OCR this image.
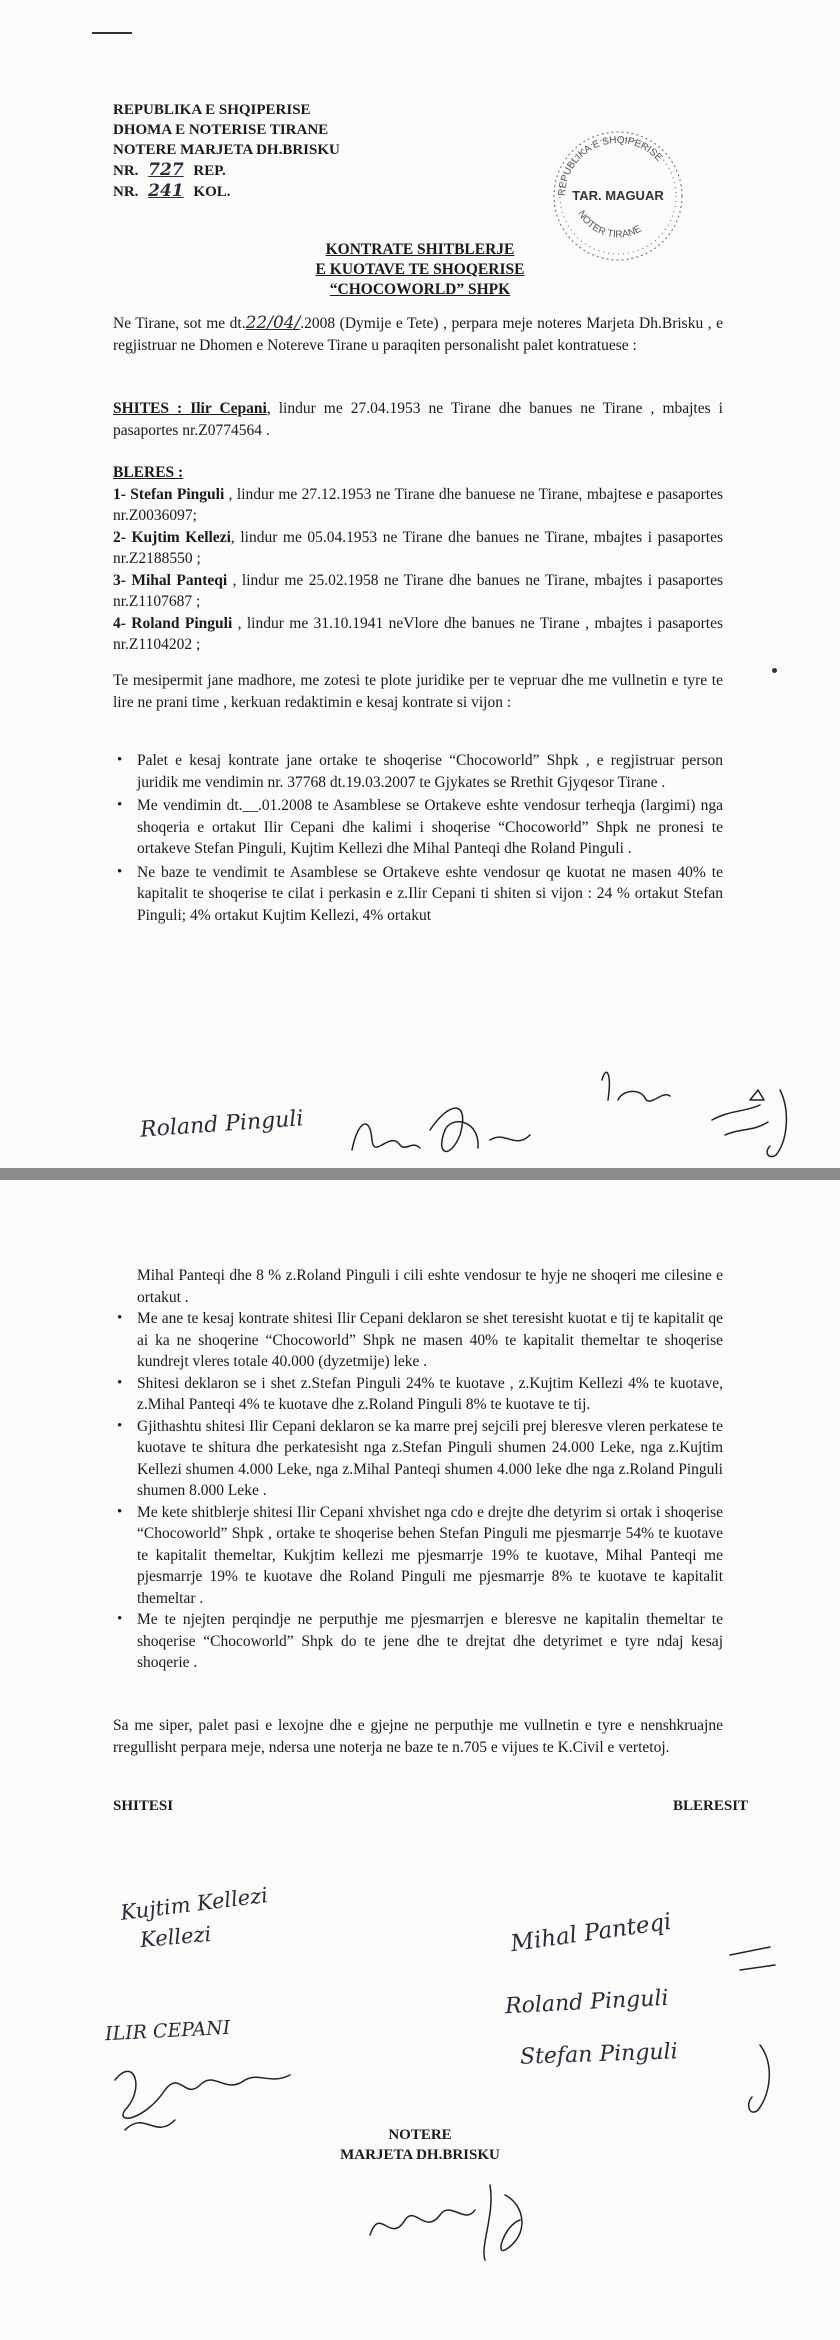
REPUBLIKA E SHQIPERISE
DHOMA E NOTERISE TIRANE
NOTERE MARJETA DH.BRISKU
NR. 727 REP.
NR. 241 KOL.	REPUBLIKA E SHQIPERISE
TAR. MAGUAR
NOTER TIRANE
KONTRATE SHITBLERJE
E KUOTAVE TE SHOQERISE
“CHOCOWORLD” SHPK
Ne Tirane, sot me dt.22/04/.2008 (Dymije e Tete) , perpara meje noteres Marjeta Dh.Brisku , e regjistruar ne Dhomen e Notereve Tirane u paraqiten personalisht palet kontratuese :
SHITES : Ilir Cepani, lindur me 27.04.1953 ne Tirane dhe banues ne Tirane , mbajtes i pasaportes nr.Z0774564 .
BLERES :
1- Stefan Pinguli , lindur me 27.12.1953 ne Tirane dhe banuese ne Tirane, mbajtese e pasaportes nr.Z0036097;
2- Kujtim Kellezi, lindur me 05.04.1953 ne Tirane dhe banues ne Tirane, mbajtes i pasaportes nr.Z2188550 ;
3- Mihal Panteqi , lindur me 25.02.1958 ne Tirane dhe banues ne Tirane, mbajtes i pasaportes nr.Z1107687 ;
4- Roland Pinguli , lindur me 31.10.1941 neVlore dhe banues ne Tirane , mbajtes i pasaportes nr.Z1104202 ;
Te mesipermit jane madhore, me zotesi te plote juridike per te vepruar dhe me vullnetin e tyre te lire ne prani time , kerkuan redaktimin e kesaj kontrate si vijon :
• Palet e kesaj kontrate jane ortake te shoqerise “Chocoworld” Shpk , e regjistruar person juridik me vendimin nr. 37768 dt.19.03.2007 te Gjykates se Rrethit Gjyqesor Tirane .
• Me vendimin dt.__.01.2008 te Asamblese se Ortakeve eshte vendosur terheqja (largimi) nga shoqeria e ortakut Ilir Cepani dhe kalimi i shoqerise “Chocoworld” Shpk ne pronesi te ortakeve Stefan Pinguli, Kujtim Kellezi dhe Mihal Panteqi dhe Roland Pinguli .
• Ne baze te vendimit te Asamblese se Ortakeve eshte vendosur qe kuotat ne masen 40% te kapitalit te shoqerise te cilat i perkasin e z.Ilir Cepani ti shiten si vijon : 24 % ortakut Stefan Pinguli; 4% ortakut Kujtim Kellezi, 4% ortakut
Roland Pinguli
Mihal Panteqi dhe 8 % z.Roland Pinguli i cili eshte vendosur te hyje ne shoqeri me cilesine e ortakut .
• Me ane te kesaj kontrate shitesi Ilir Cepani deklaron se shet teresisht kuotat e tij te kapitalit qe ai ka ne shoqerine “Chocoworld” Shpk ne masen 40% te kapitalit themeltar te shoqerise kundrejt vleres totale 40.000 (dyzetmije) leke .
• Shitesi deklaron se i shet z.Stefan Pinguli 24% te kuotave , z.Kujtim Kellezi 4% te kuotave, z.Mihal Panteqi 4% te kuotave dhe z.Roland Pinguli 8% te kuotave te tij.
• Gjithashtu shitesi Ilir Cepani deklaron se ka marre prej sejcili prej bleresve vleren perkatese te kuotave te shitura dhe perkatesisht nga z.Stefan Pinguli shumen 24.000 Leke, nga z.Kujtim Kellezi shumen 4.000 Leke, nga z.Mihal Panteqi shumen 4.000 leke dhe nga z.Roland Pinguli shumen 8.000 Leke .
• Me kete shitblerje shitesi Ilir Cepani xhvishet nga cdo e drejte dhe detyrim si ortak i shoqerise “Chocoworld” Shpk , ortake te shoqerise behen Stefan Pinguli me pjesmarrje 54% te kuotave te kapitalit themeltar, Kukjtim kellezi me pjesmarrje 19% te kuotave, Mihal Panteqi me pjesmarrje 19% te kuotave dhe Roland Pinguli me pjesmarrje 8% te kuotave te kapitalit themeltar .
• Me te njejten perqindje ne perputhje me pjesmarrjen e bleresve ne kapitalin themeltar te shoqerise “Chocoworld” Shpk do te jene dhe te drejtat dhe detyrimet e tyre ndaj kesaj shoqerie .
Sa me siper, palet pasi e lexojne dhe e gjejne ne perputhje me vullnetin e tyre e nenshkruajne rregullisht perpara meje, ndersa une noterja ne baze te n.705 e vijues te K.Civil e vertetoj.
SHITESI	BLERESIT
Kujtim Kellezi
Kellezi
ILIR CEPANI
Mihal Panteqi
Roland Pinguli
Stefan Pinguli
NOTERE
MARJETA DH.BRISKU
